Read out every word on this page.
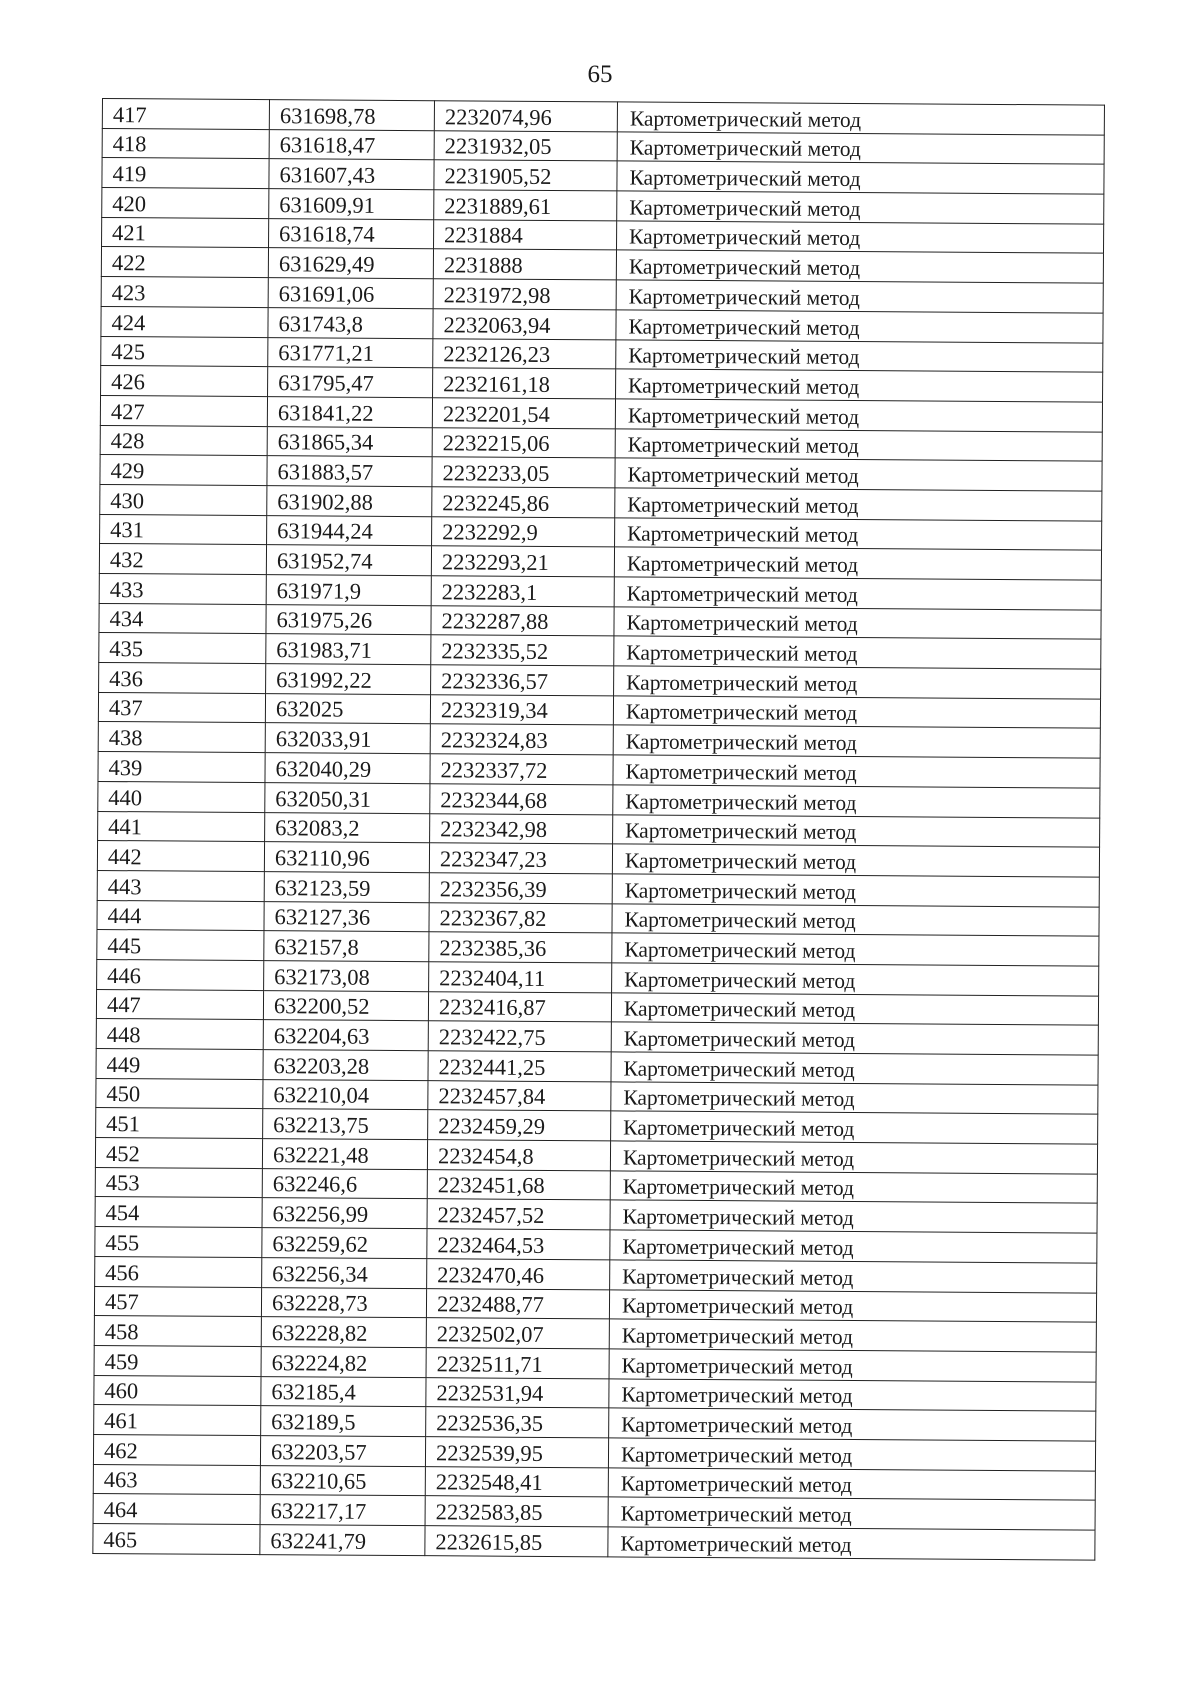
65
417	631698,78	2232074,96	Картометрический метод
418	631618,47	2231932,05	Картометрический метод
419	631607,43	2231905,52	Картометрический метод
420	631609,91	2231889,61	Картометрический метод
421	631618,74	2231884	Картометрический метод
422	631629,49	2231888	Картометрический метод
423	631691,06	2231972,98	Картометрический метод
424	631743,8	2232063,94	Картометрический метод
425	631771,21	2232126,23	Картометрический метод
426	631795,47	2232161,18	Картометрический метод
427	631841,22	2232201,54	Картометрический метод
428	631865,34	2232215,06	Картометрический метод
429	631883,57	2232233,05	Картометрический метод
430	631902,88	2232245,86	Картометрический метод
431	631944,24	2232292,9	Картометрический метод
432	631952,74	2232293,21	Картометрический метод
433	631971,9	2232283,1	Картометрический метод
434	631975,26	2232287,88	Картометрический метод
435	631983,71	2232335,52	Картометрический метод
436	631992,22	2232336,57	Картометрический метод
437	632025	2232319,34	Картометрический метод
438	632033,91	2232324,83	Картометрический метод
439	632040,29	2232337,72	Картометрический метод
440	632050,31	2232344,68	Картометрический метод
441	632083,2	2232342,98	Картометрический метод
442	632110,96	2232347,23	Картометрический метод
443	632123,59	2232356,39	Картометрический метод
444	632127,36	2232367,82	Картометрический метод
445	632157,8	2232385,36	Картометрический метод
446	632173,08	2232404,11	Картометрический метод
447	632200,52	2232416,87	Картометрический метод
448	632204,63	2232422,75	Картометрический метод
449	632203,28	2232441,25	Картометрический метод
450	632210,04	2232457,84	Картометрический метод
451	632213,75	2232459,29	Картометрический метод
452	632221,48	2232454,8	Картометрический метод
453	632246,6	2232451,68	Картометрический метод
454	632256,99	2232457,52	Картометрический метод
455	632259,62	2232464,53	Картометрический метод
456	632256,34	2232470,46	Картометрический метод
457	632228,73	2232488,77	Картометрический метод
458	632228,82	2232502,07	Картометрический метод
459	632224,82	2232511,71	Картометрический метод
460	632185,4	2232531,94	Картометрический метод
461	632189,5	2232536,35	Картометрический метод
462	632203,57	2232539,95	Картометрический метод
463	632210,65	2232548,41	Картометрический метод
464	632217,17	2232583,85	Картометрический метод
465	632241,79	2232615,85	Картометрический метод
